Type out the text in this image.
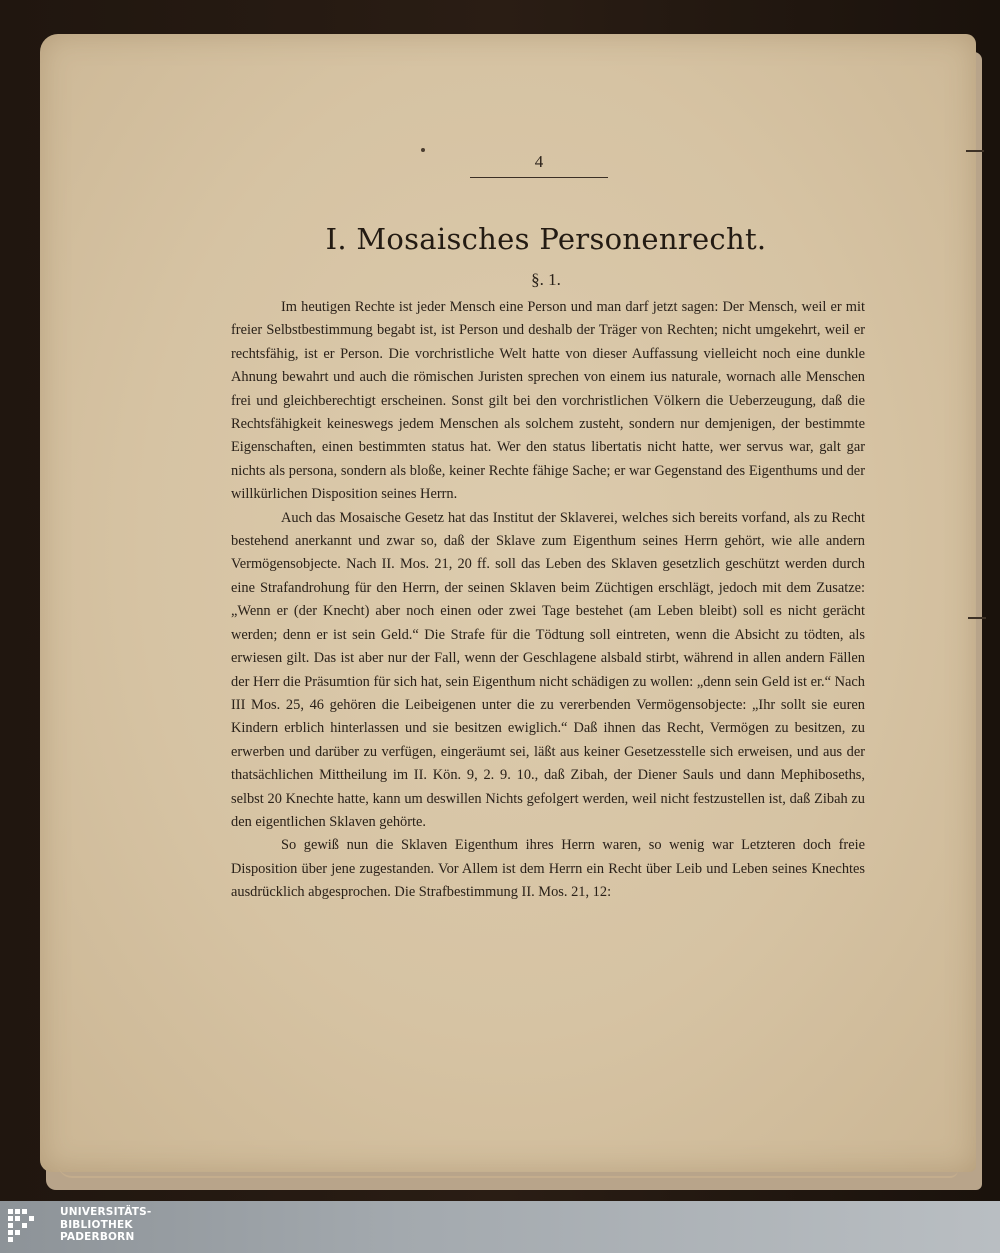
4
I. Mosaisches Personenrecht.
§. 1.

Im heutigen Rechte ist jeder Mensch eine Person und man darf jetzt sagen: Der Mensch, weil er mit freier Selbstbestimmung begabt ist, ist Person und deshalb der Träger von Rechten; nicht umgekehrt, weil er rechtsfähig, ist er Person. Die vorchristliche Welt hatte von dieser Auffassung vielleicht noch eine dunkle Ahnung bewahrt und auch die römischen Juristen sprechen von einem ius naturale, wornach alle Menschen frei und gleichberechtigt erscheinen. Sonst gilt bei den vorchristlichen Völkern die Ueberzeugung, daß die Rechtsfähigkeit keineswegs jedem Menschen als solchem zusteht, sondern nur demjenigen, der bestimmte Eigenschaften, einen bestimmten status hat. Wer den status libertatis nicht hatte, wer servus war, galt gar nichts als persona, sondern als bloße, keiner Rechte fähige Sache; er war Gegenstand des Eigenthums und der willkürlichen Disposition seines Herrn.

Auch das Mosaische Gesetz hat das Institut der Sklaverei, welches sich bereits vorfand, als zu Recht bestehend anerkannt und zwar so, daß der Sklave zum Eigenthum seines Herrn gehört, wie alle andern Vermögensobjecte. Nach II. Mos. 21, 20 ff. soll das Leben des Sklaven gesetzlich geschützt werden durch eine Strafandrohung für den Herrn, der seinen Sklaven beim Züchtigen erschlägt, jedoch mit dem Zusatze: „Wenn er (der Knecht) aber noch einen oder zwei Tage bestehet (am Leben bleibt) soll es nicht gerächt werden; denn er ist sein Geld.“ Die Strafe für die Tödtung soll eintreten, wenn die Absicht zu tödten, als erwiesen gilt. Das ist aber nur der Fall, wenn der Geschlagene alsbald stirbt, während in allen andern Fällen der Herr die Präsumtion für sich hat, sein Eigenthum nicht schädigen zu wollen: „denn sein Geld ist er.“ Nach III Mos. 25, 46 gehören die Leibeigenen unter die zu vererbenden Vermögensobjecte: „Ihr sollt sie euren Kindern erblich hinterlassen und sie besitzen ewiglich.“ Daß ihnen das Recht, Vermögen zu besitzen, zu erwerben und darüber zu verfügen, eingeräumt sei, läßt aus keiner Gesetzesstelle sich erweisen, und aus der thatsächlichen Mittheilung im II. Kön. 9, 2. 9. 10., daß Zibah, der Diener Sauls und dann Mephiboseths, selbst 20 Knechte hatte, kann um deswillen Nichts gefolgert werden, weil nicht festzustellen ist, daß Zibah zu den eigentlichen Sklaven gehörte.

So gewiß nun die Sklaven Eigenthum ihres Herrn waren, so wenig war Letzteren doch freie Disposition über jene zugestanden. Vor Allem ist dem Herrn ein Recht über Leib und Leben seines Knechtes ausdrücklich abgesprochen. Die Strafbestimmung II. Mos. 21, 12:

UNIVERSITÄTS-
BIBLIOTHEK
PADERBORN
